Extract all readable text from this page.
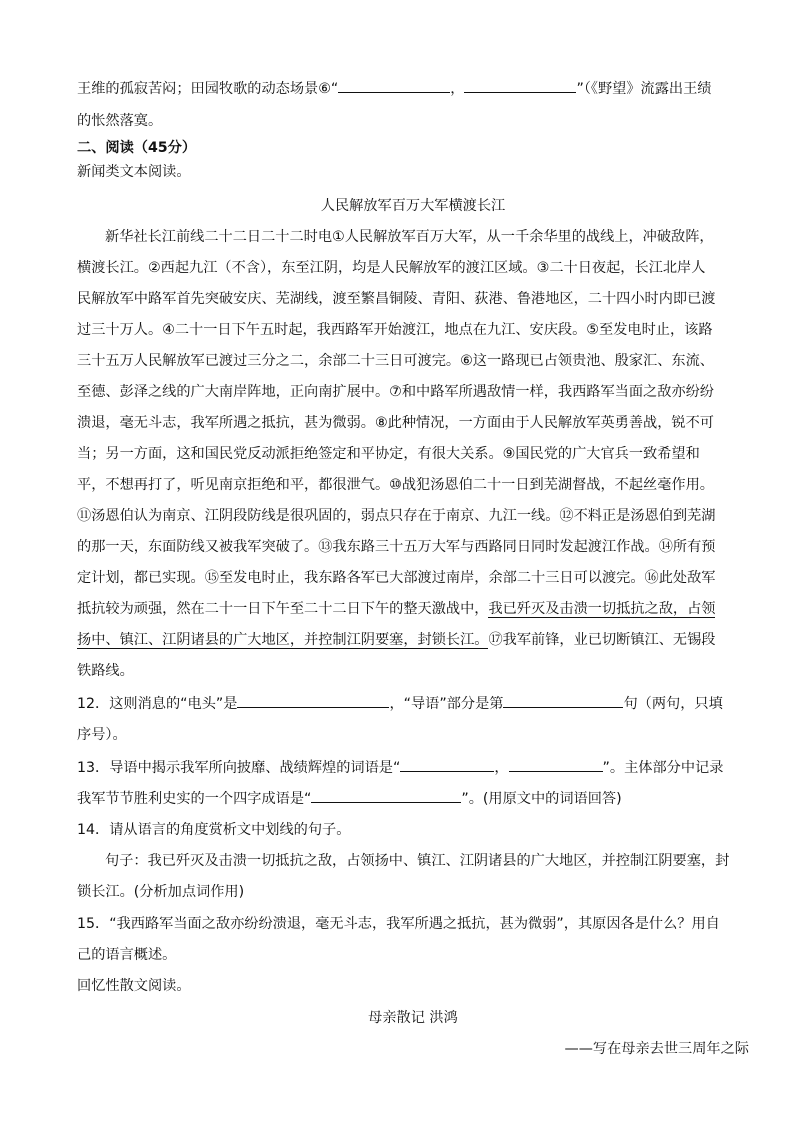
王维的孤寂苦闷；田园牧歌的动态场景⑥“	，	”（《野望》流露出王绩
的怅然落寞。
二、阅读（45分）
新闻类文本阅读。
人民解放军百万大军横渡长江
新华社长江前线二十二日二十二时电①人民解放军百万大军，从一千余华里的战线上，冲破敌阵，
横渡长江。②西起九江（不含），东至江阴，均是人民解放军的渡江区域。③二十日夜起，长江北岸人
民解放军中路军首先突破安庆、芜湖线，渡至繁昌铜陵、青阳、荻港、鲁港地区，二十四小时内即已渡
过三十万人。④二十一日下午五时起，我西路军开始渡江，地点在九江、安庆段。⑤至发电时止，该路
三十五万人民解放军已渡过三分之二，余部二十三日可渡完。⑥这一路现已占领贵池、殷家汇、东流、
至德、彭泽之线的广大南岸阵地，正向南扩展中。⑦和中路军所遇敌情一样，我西路军当面之敌亦纷纷
溃退，毫无斗志，我军所遇之抵抗，甚为微弱。⑧此种情况，一方面由于人民解放军英勇善战，锐不可
当；另一方面，这和国民党反动派拒绝签定和平协定，有很大关系。⑨国民党的广大官兵一致希望和
平，不想再打了，听见南京拒绝和平，都很泄气。⑩战犯汤恩伯二十一日到芜湖督战，不起丝毫作用。
⑪汤恩伯认为南京、江阴段防线是很巩固的，弱点只存在于南京、九江一线。⑫不料正是汤恩伯到芜湖
的那一天，东面防线又被我军突破了。⑬我东路三十五万大军与西路同日同时发起渡江作战。⑭所有预
定计划，都已实现。⑮至发电时止，我东路各军已大部渡过南岸，余部二十三日可以渡完。⑯此处敌军
抵抗较为顽强，然在二十一日下午至二十二日下午的整天激战中，我已歼灭及击溃一切抵抗之敌，占领
扬中、镇江、江阴诸县的广大地区，并控制江阴要塞，封锁长江。⑰我军前锋，业已切断镇江、无锡段
铁路线。
12．这则消息的“电头”是	，“导语”部分是第	句（两句，只填
序号）。
13．导语中揭示我军所向披靡、战绩辉煌的词语是“	，	”。主体部分中记录
我军节节胜利史实的一个四字成语是“	”。(用原文中的词语回答)
14．请从语言的角度赏析文中划线的句子。
句子：我已歼灭及击溃一切抵抗之敌，占领扬中、镇江、江阴诸县的广大地区，并控制江阴要塞，封
锁长江。(分析加点词作用)
15．“我西路军当面之敌亦纷纷溃退，毫无斗志，我军所遇之抵抗，甚为微弱”，其原因各是什么？用自
己的语言概述。
回忆性散文阅读。
母亲散记 洪鸿
——写在母亲去世三周年之际
